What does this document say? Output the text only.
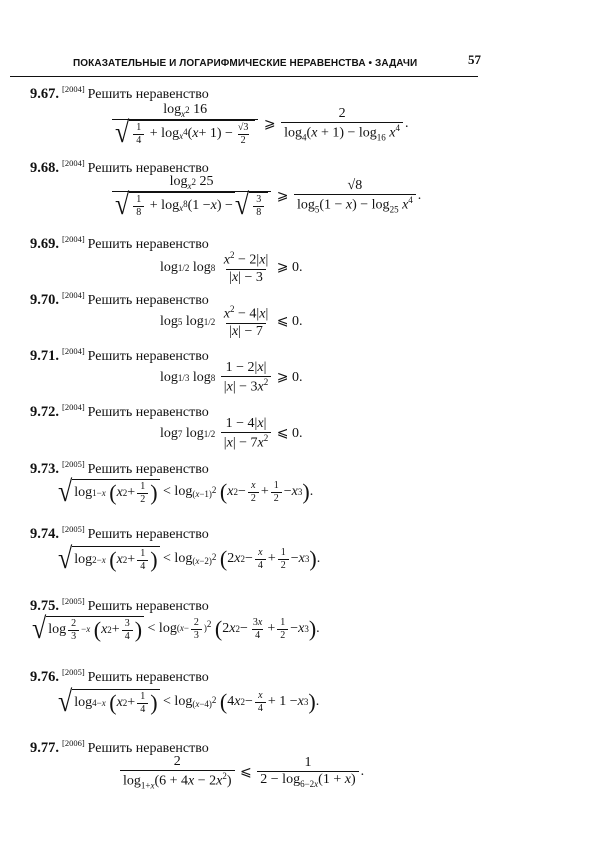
ПОКАЗАТЕЛЬНЫЕ И ЛОГАРИФМИЧЕСКИЕ НЕРАВЕНСТВА • ЗАДАЧИ	57
9.67. [2004] Решить неравенство
$\frac{\log_{x^2} 16}{√ \frac{1}{4} + \log x^4 ( x + 1) - \frac{√3}{2}}$ ⩾ $\frac{2}{\log_4(x + 1) - \log_{16} x^4}$ .
9.68. [2004] Решить неравенство
$\frac{\log_{x^2} 25}{√ \frac{1}{8} + \log x^8 (1 - x ) - √ \frac{3}{8}}$ ⩾ $\frac{√8}{\log_5(1 - x) - \log_{25} x^4}$ .
9.69. [2004] Решить неравенство
log 1/2 log 8
$\frac{x^2 - 2|x|}{|x| - 3}$ ⩾ 0.
9.70. [2004] Решить неравенство
log 5 log 1/2
$\frac{x^2 - 4|x|}{|x| - 7}$ ⩽ 0.
9.71. [2004] Решить неравенство
log 1/3 log 8
$\frac{1 - 2|x|}{|x| - 3x^2}$ ⩾ 0.
9.72. [2004] Решить неравенство
log 7 log 1/2
$\frac{1 - 4|x|}{|x| - 7x^2}$ ⩽ 0.
9.73. [2005] Решить неравенство
√ log 1−x
( x $2 + \frac{1}{2}$ ) < $\log (x-1)^2$
( x $2 - \frac{x}{2} + \frac{1}{2} - x$ 3 ) .
9.74. [2005] Решить неравенство
√ log 2−x
( x $2 + \frac{1}{4}$ ) < $\log (x-2)^2$
( 2 x $2 - \frac{x}{4} + \frac{1}{2} - x$ 3 ) .
9.75. [2005] Решить неравенство
√ $\log \frac{2}{3} -x$
( x $2 + \frac{3}{4}$ ) < $\log (x- \frac{2}{3} )^2$
( 2 x $2 - \frac{3x}{4} + \frac{1}{2} - x$ 3 ) .
9.76. [2005] Решить неравенство
√ log 4−x
( x $2 + \frac{1}{4}$ ) < $\log (x-4)^2$
( 4 x $2 - \frac{x}{4} + 1 - x$ 3 ) .
9.77. [2006] Решить неравенство
$\frac{2}{\log_{1+x}(6 + 4x - 2x^2)}$ ⩽ $\frac{1}{2 - \log_{6-2x}(1 + x)}$ .
